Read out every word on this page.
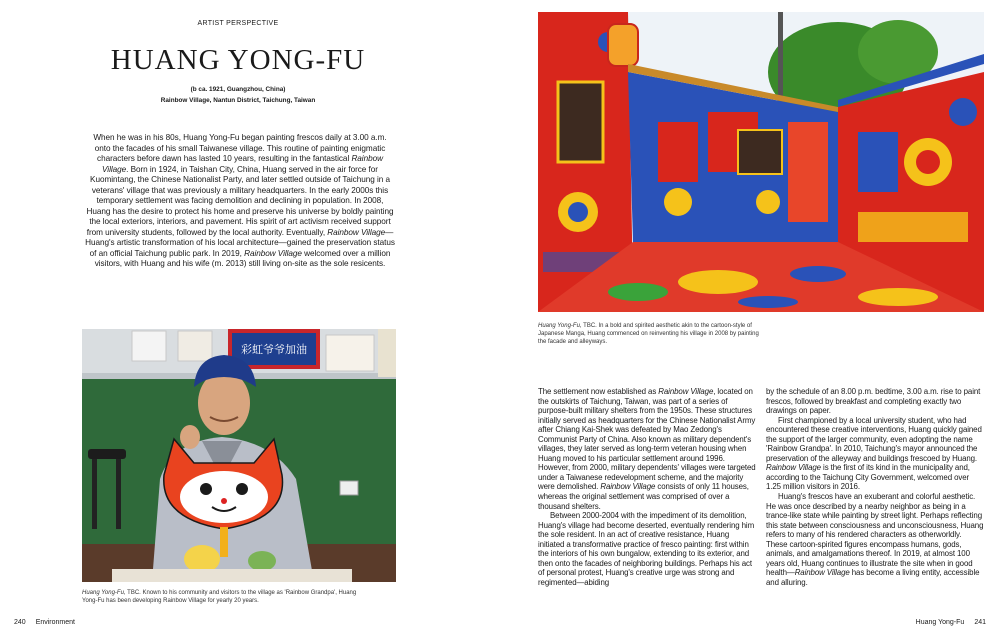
ARTIST PERSPECTIVE
HUANG YONG-FU
(b ca. 1921, Guangzhou, China)
Rainbow Village, Nantun District, Taichung, Taiwan

When he was in his 80s, Huang Yong-Fu began painting frescos daily at 3.00 a.m. onto the facades of his small Taiwanese village. This routine of painting enigmatic characters before dawn has lasted 10 years, resulting in the fantastical Rainbow Village. Born in 1924, in Taishan City, China, Huang served in the air force for Kuomintang, the Chinese Nationalist Party, and later settled outside of Taichung in a veterans' village that was previously a military headquarters. In the early 2000s this temporary settlement was facing demolition and declining in population. In 2008, Huang has the desire to protect his home and preserve his universe by boldly painting the local exteriors, interiors, and pavement. His spirit of art activism received support from university students, followed by the local authority. Eventually, Rainbow Village—Huang's artistic transformation of his local architecture—gained the preservation status of an official Taichung public park. In 2019, Rainbow Village welcomed over a million visitors, with Huang and his wife (m. 2013) still living on-site as the sole resicents.

彩虹爷爷加油

Huang Yong-Fu, TBC. Known to his community and visitors to the village as 'Rainbow Grandpa', Huang Yong-Fu has been developing Rainbow Village for yearly 20 years.

240 Environment

Huang Yong-Fu, TBC. In a bold and spirited aesthetic akin to the cartoon-style of Japanese Manga, Huang commenced on reinventing his village in 2008 by painting the facade and alleyways.

The settlement now established as Rainbow Village, located on the outskirts of Taichung, Taiwan, was part of a series of purpose-built military shelters from the 1950s. These structures initially served as headquarters for the Chinese Nationalist Army after Chiang Kai-Shek was defeated by Mao Zedong's Communist Party of China. Also known as military dependent's villages, they later served as long-term veteran housing when Huang moved to his particular settlement around 1996. However, from 2000, military dependents' villages were targeted under a Taiwanese redevelopment scheme, and the majority were demolished. Rainbow Village consists of only 11 houses, whereas the original settlement was comprised of over a thousand shelters.

Between 2000-2004 with the impediment of its demolition, Huang's village had become deserted, eventually rendering him the sole resident. In an act of creative resistance, Huang initiated a transformative practice of fresco painting: first within the interiors of his own bungalow, extending to its exterior, and then onto the facades of neighboring buildings. Perhaps his act of personal protest, Huang's creative urge was strong and regimented—abiding

by the schedule of an 8.00 p.m. bedtime, 3.00 a.m. rise to paint frescos, followed by breakfast and completing exactly two drawings on paper.

First championed by a local university student, who had encountered these creative interventions, Huang quickly gained the support of the larger community, even adopting the name 'Rainbow Grandpa'. In 2010, Taichung's mayor announced the preservation of the alleyway and buildings frescoed by Huang. Rainbow Village is the first of its kind in the municipality and, according to the Taichung City Government, welcomed over 1.25 million visitors in 2016.

Huang's frescos have an exuberant and colorful aesthetic. He was once described by a nearby neighbor as being in a trance-like state while painting by street light. Perhaps reflecting this state between consciousness and unconsciousness, Huang refers to many of his rendered characters as otherworldly. These cartoon-spirited figures encompass humans, gods, animals, and amalgamations thereof. In 2019, at almost 100 years old, Huang continues to illustrate the site when in good health—Rainbow Village has become a living entity, accessible and alluring.

Huang Yong-Fu 241
